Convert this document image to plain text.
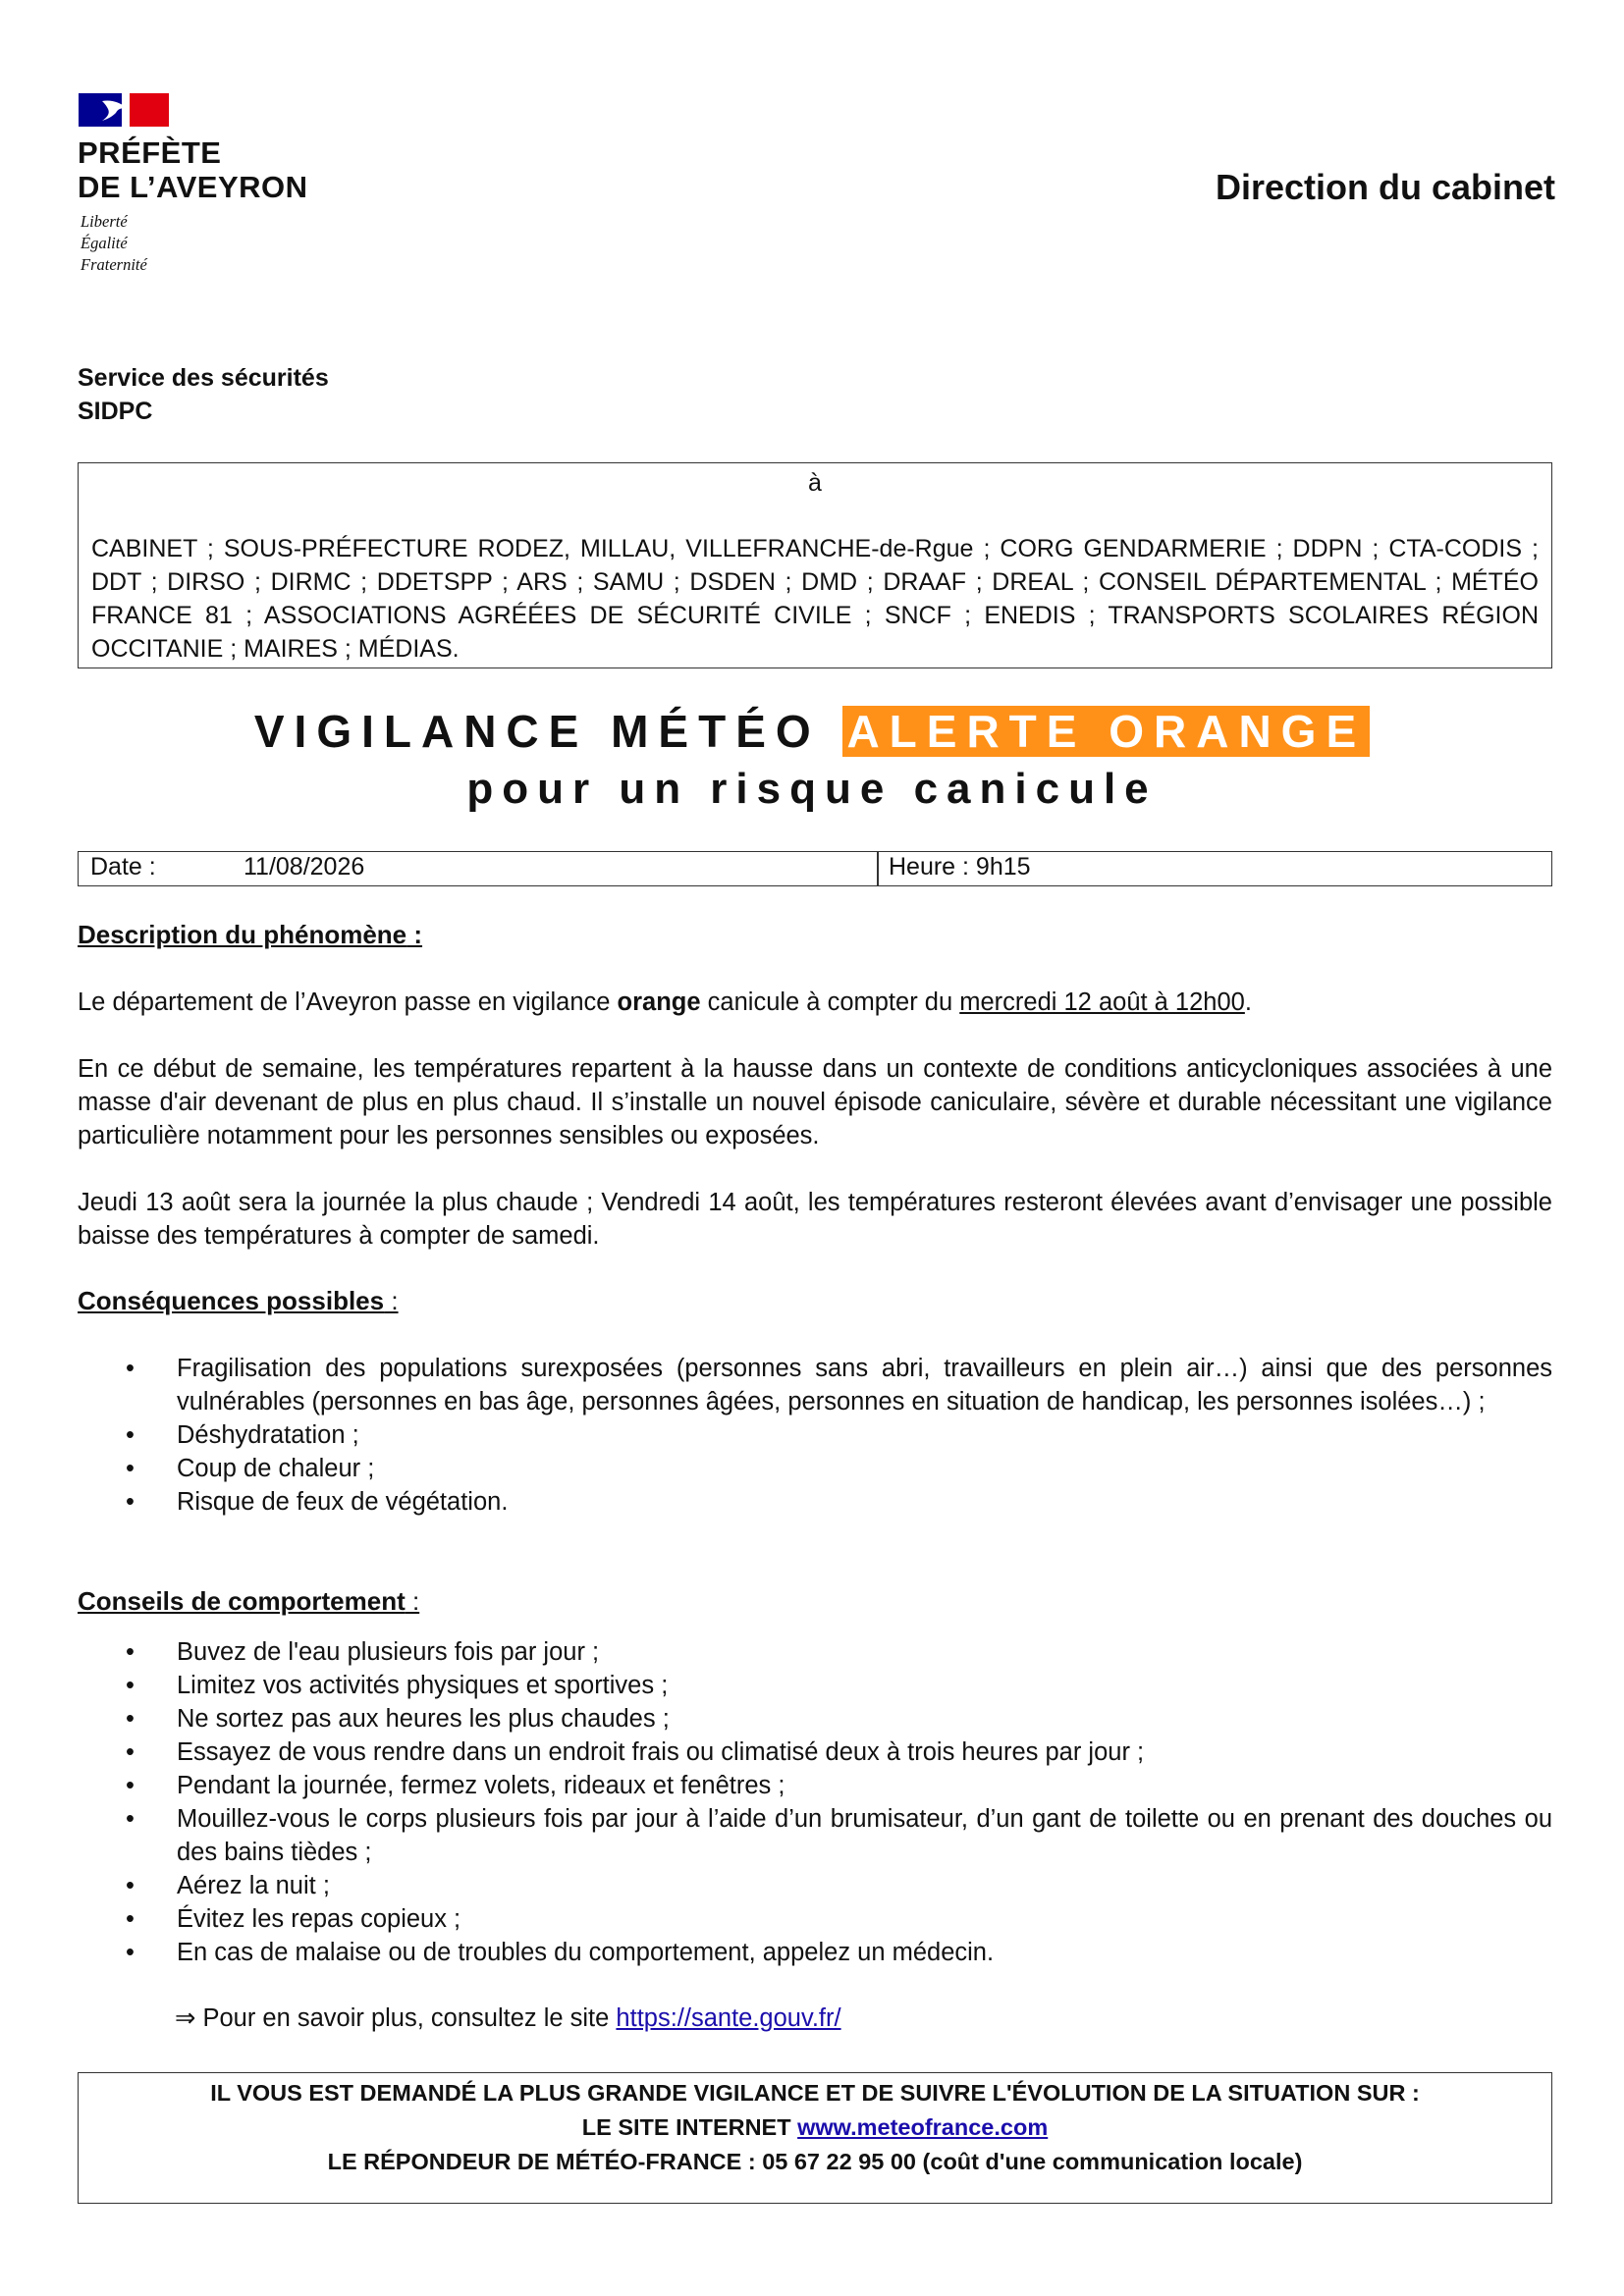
PRÉFÈTE
DE L’AVEYRON
Liberté
Égalité
Fraternité
Direction du cabinet
Service des sécurités
SIDPC
à
CABINET ; SOUS-PRÉFECTURE RODEZ, MILLAU, VILLEFRANCHE-de-Rgue ; CORG GENDARMERIE ; DDPN ; CTA-CODIS ; DDT ; DIRSO ; DIRMC ; DDETSPP ; ARS ; SAMU ; DSDEN ; DMD ; DRAAF ; DREAL ; CONSEIL DÉPARTEMENTAL ; MÉTÉO FRANCE 81 ; ASSOCIATIONS AGRÉÉES DE SÉCURITÉ CIVILE ; SNCF ; ENEDIS ; TRANSPORTS SCOLAIRES RÉGION OCCITANIE ; MAIRES ; MÉDIAS.
VIGILANCE MÉTÉO ALERTE ORANGE
pour un risque canicule
Date :	11/08/2026	Heure : 9h15
Description du phénomène :
Le département de l’Aveyron passe en vigilance orange canicule à compter du mercredi 12 août à 12h00.
En ce début de semaine, les températures repartent à la hausse dans un contexte de conditions anticycloniques associées à une masse d'air devenant de plus en plus chaud. Il s’installe un nouvel épisode caniculaire, sévère et durable nécessitant une vigilance particulière notamment pour les personnes sensibles ou exposées.
Jeudi 13 août sera la journée la plus chaude ; Vendredi 14 août, les températures resteront élevées avant d’envisager une possible baisse des températures à compter de samedi.
Conséquences possibles :
• Fragilisation des populations surexposées (personnes sans abri, travailleurs en plein air…) ainsi que des personnes vulnérables (personnes en bas âge, personnes âgées, personnes en situation de handicap, les personnes isolées…) ;
• Déshydratation ;
• Coup de chaleur ;
• Risque de feux de végétation.
Conseils de comportement :
• Buvez de l'eau plusieurs fois par jour ;
• Limitez vos activités physiques et sportives ;
• Ne sortez pas aux heures les plus chaudes ;
• Essayez de vous rendre dans un endroit frais ou climatisé deux à trois heures par jour ;
• Pendant la journée, fermez volets, rideaux et fenêtres ;
• Mouillez-vous le corps plusieurs fois par jour à l’aide d’un brumisateur, d’un gant de toilette ou en prenant des douches ou des bains tièdes ;
• Aérez la nuit ;
• Évitez les repas copieux ;
• En cas de malaise ou de troubles du comportement, appelez un médecin.
⇒ Pour en savoir plus, consultez le site https://sante.gouv.fr/
IL VOUS EST DEMANDÉ LA PLUS GRANDE VIGILANCE ET DE SUIVRE L'ÉVOLUTION DE LA SITUATION SUR :
LE SITE INTERNET www.meteofrance.com
LE RÉPONDEUR DE MÉTÉO-FRANCE : 05 67 22 95 00 (coût d'une communication locale)
